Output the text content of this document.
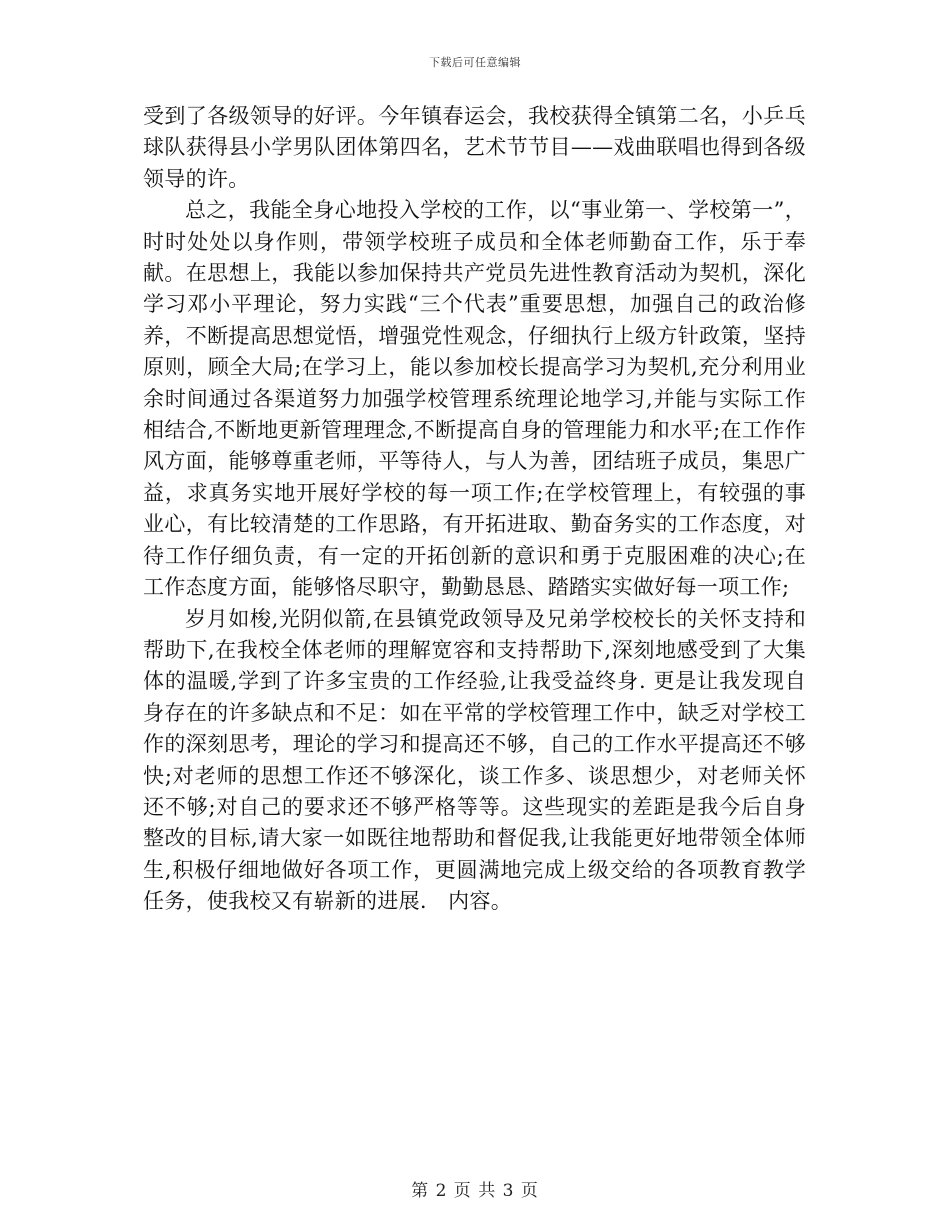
下载后可任意编辑

受到了各级领导的好评。今年镇春运会，我校获得全镇第二名，小乒乓球队获得县小学男队团体第四名，艺术节节目——戏曲联唱也得到各级领导的许。

总之，我能全身心地投入学校的工作，以“事业第一、学校第一”，时时处处以身作则，带领学校班子成员和全体老师勤奋工作，乐于奉献。在思想上，我能以参加保持共产党员先进性教育活动为契机，深化学习邓小平理论，努力实践“三个代表”重要思想，加强自己的政治修养，不断提高思想觉悟，增强党性观念，仔细执行上级方针政策，坚持原则，顾全大局;在学习上，能以参加校长提高学习为契机,充分利用业余时间通过各渠道努力加强学校管理系统理论地学习,并能与实际工作相结合,不断地更新管理理念,不断提高自身的管理能力和水平;在工作作风方面，能够尊重老师，平等待人，与人为善，团结班子成员，集思广益，求真务实地开展好学校的每一项工作;在学校管理上，有较强的事业心，有比较清楚的工作思路，有开拓进取、勤奋务实的工作态度，对待工作仔细负责，有一定的开拓创新的意识和勇于克服困难的决心;在工作态度方面，能够恪尽职守，勤勤恳恳、踏踏实实做好每一项工作;

岁月如梭,光阴似箭,在县镇党政领导及兄弟学校校长的关怀支持和帮助下,在我校全体老师的理解宽容和支持帮助下,深刻地感受到了大集体的温暖,学到了许多宝贵的工作经验,让我受益终身. 更是让我发现自身存在的许多缺点和不足：如在平常的学校管理工作中，缺乏对学校工作的深刻思考，理论的学习和提高还不够，自己的工作水平提高还不够快;对老师的思想工作还不够深化，谈工作多、谈思想少，对老师关怀还不够;对自己的要求还不够严格等等。这些现实的差距是我今后自身整改的目标,请大家一如既往地帮助和督促我,让我能更好地带领全体师生,积极仔细地做好各项工作，更圆满地完成上级交给的各项教育教学任务，使我校又有崭新的进展.　内容。

第 2 页 共 3 页
